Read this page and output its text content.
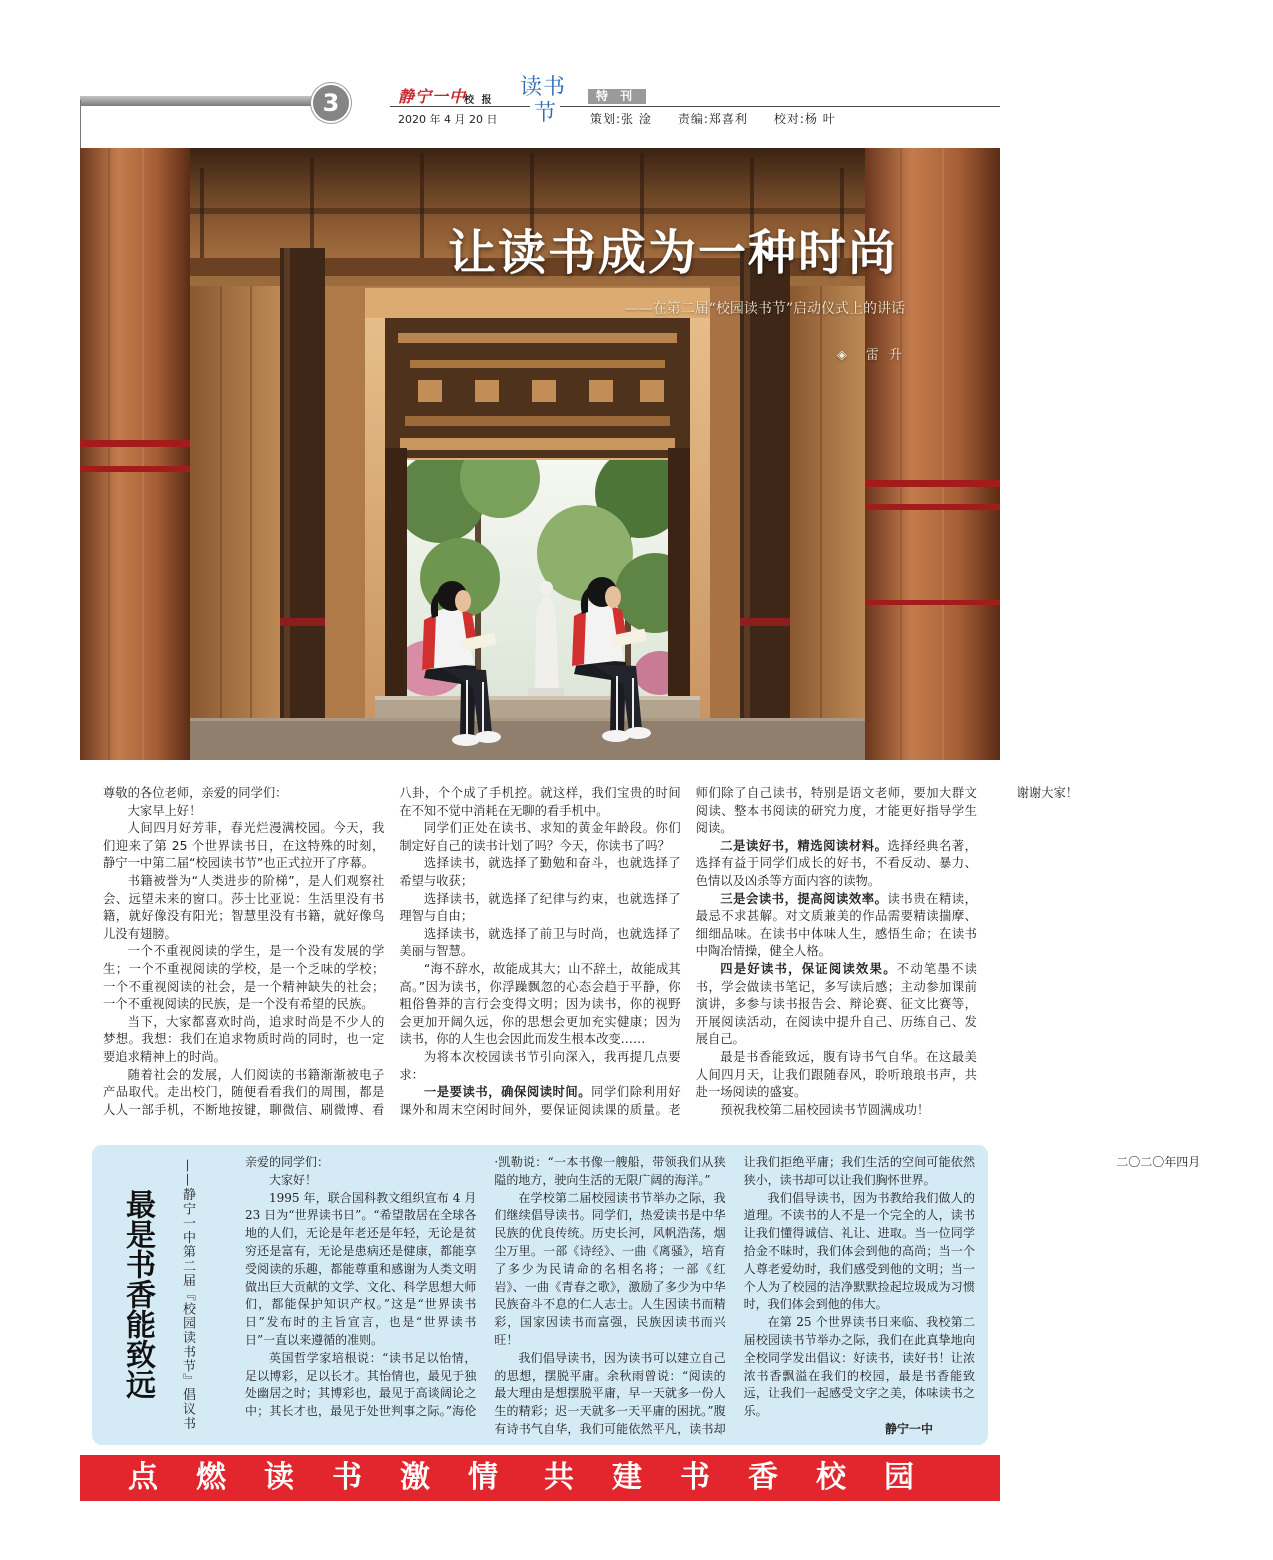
3	静宁一中
校 报
2020 年 4 月 20 日
读书
节
特 刊
策划:张 淦　　责编:郑喜利　　校对:杨 叶
让读书成为一种时尚
——在第二届“校园读书节”启动仪式上的讲话
◈　雷 升

尊敬的各位老师，亲爱的同学们：

大家早上好！

人间四月好芳菲，春光烂漫满校园。今天，我们迎来了第 25 个世界读书日，在这特殊的时刻，静宁一中第二届“校园读书节”也正式拉开了序幕。

书籍被誉为“人类进步的阶梯”，是人们观察社会、远望未来的窗口。莎士比亚说：生活里没有书籍，就好像没有阳光；智慧里没有书籍，就好像鸟儿没有翅膀。

一个不重视阅读的学生，是一个没有发展的学生；一个不重视阅读的学校，是一个乏味的学校；一个不重视阅读的社会，是一个精神缺失的社会；一个不重视阅读的民族，是一个没有希望的民族。

当下，大家都喜欢时尚，追求时尚是不少人的梦想。我想：我们在追求物质时尚的同时，也一定要追求精神上的时尚。

随着社会的发展，人们阅读的书籍渐渐被电子产品取代。走出校门，随便看看我们的周围，都是人人一部手机，不断地按键，聊微信、刷微博、看八卦，个个成了手机控。就这样，我们宝贵的时间在不知不觉中消耗在无聊的看手机中。

同学们正处在读书、求知的黄金年龄段。你们制定好自己的读书计划了吗？今天，你读书了吗？

选择读书，就选择了勤勉和奋斗，也就选择了希望与收获；

选择读书，就选择了纪律与约束，也就选择了理智与自由；

选择读书，就选择了前卫与时尚，也就选择了美丽与智慧。

“海不辞水，故能成其大；山不辞土，故能成其高。”因为读书，你浮躁飘忽的心态会趋于平静，你粗俗鲁莽的言行会变得文明；因为读书，你的视野会更加开阔久远，你的思想会更加充实健康；因为读书，你的人生也会因此而发生根本改变……

为将本次校园读书节引向深入，我再提几点要求：

一是要读书，确保阅读时间。同学们除利用好课外和周末空闲时间外，要保证阅读课的质量。老师们除了自己读书，特别是语文老师，要加大群文阅读、整本书阅读的研究力度，才能更好指导学生阅读。

二是读好书，精选阅读材料。选择经典名著，选择有益于同学们成长的好书，不看反动、暴力、色情以及凶杀等方面内容的读物。

三是会读书，提高阅读效率。读书贵在精读，最忌不求甚解。对文质兼美的作品需要精读揣摩、细细品味。在读书中体味人生，感悟生命；在读书中陶冶情操，健全人格。

四是好读书，保证阅读效果。不动笔墨不读书，学会做读书笔记，多写读后感；主动参加课前演讲，多参与读书报告会、辩论赛、征文比赛等，开展阅读活动，在阅读中提升自己、历练自己、发展自己。

最是书香能致远，腹有诗书气自华。在这最美人间四月天，让我们跟随春风，聆听琅琅书声，共赴一场阅读的盛宴。

预祝我校第二届校园读书节圆满成功！

谢谢大家！

最是书香能致远 ——静宁一中第二届『校园读书节』倡议书	亲爱的同学们：

大家好！

1995 年，联合国科教文组织宣布 4 月 23 日为“世界读书日”。“希望散居在全球各地的人们，无论是年老还是年轻，无论是贫穷还是富有，无论是患病还是健康，都能享受阅读的乐趣，都能尊重和感谢为人类文明做出巨大贡献的文学、文化、科学思想大师们，都能保护知识产权。”这是“世界读书日”发布时的主旨宣言，也是“世界读书日”一直以来遵循的准则。

英国哲学家培根说：“读书足以怡情，足以博彩，足以长才。其怡情也，最见于独处幽居之时；其博彩也，最见于高谈阔论之中；其长才也，最见于处世判事之际。”海伦·凯勒说：“一本书像一艘船，带领我们从狭隘的地方，驶向生活的无限广阔的海洋。”

在学校第二届校园读书节举办之际，我们继续倡导读书。同学们，热爱读书是中华民族的优良传统。历史长河，风帆浩荡，烟尘万里。一部《诗经》、一曲《离骚》，培育了多少为民请命的名相名将；一部《红岩》、一曲《青春之歌》，激励了多少为中华民族奋斗不息的仁人志士。人生因读书而精彩，国家因读书而富强，民族因读书而兴旺！

我们倡导读书，因为读书可以建立自己的思想，摆脱平庸。余秋雨曾说：“阅读的最大理由是想摆脱平庸，早一天就多一份人生的精彩；迟一天就多一天平庸的困扰。”腹有诗书气自华，我们可能依然平凡，读书却让我们拒绝平庸；我们生活的空间可能依然狭小，读书却可以让我们胸怀世界。

我们倡导读书，因为书教给我们做人的道理。不读书的人不是一个完全的人，读书让我们懂得诚信、礼让、进取。当一位同学拾金不昧时，我们体会到他的高尚；当一个人尊老爱幼时，我们感受到他的文明；当一个人为了校园的洁净默默捡起垃圾成为习惯时，我们体会到他的伟大。

在第 25 个世界读书日来临、我校第二届校园读书节举办之际，我们在此真挚地向全校同学发出倡议：好读书，读好书！让浓浓书香飘溢在我们的校园，最是书香能致远，让我们一起感受文字之美，体味读书之乐。

静宁一中

二〇二〇年四月

点燃读书激情 共建书香校园
